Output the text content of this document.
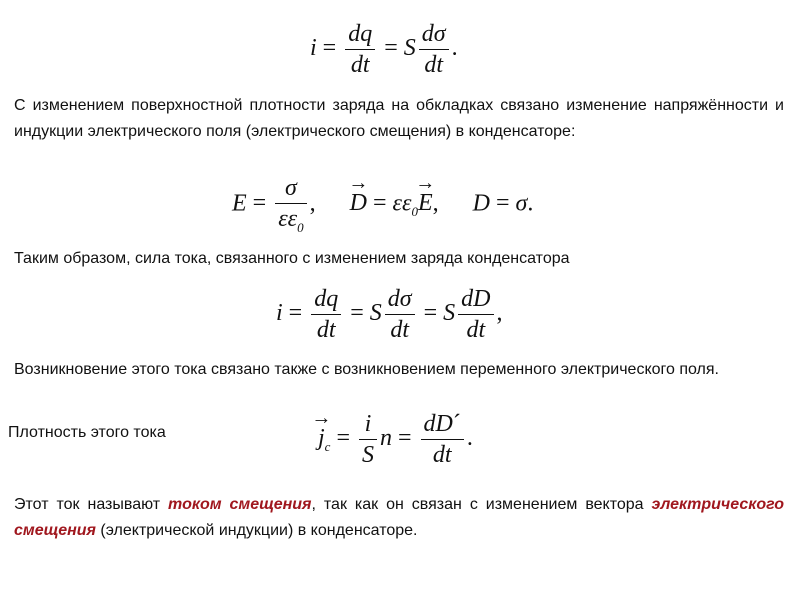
$i = \frac{dq}{dt} = S \frac{d\sigma}{dt}$ .

С изменением поверхностной плотности заряда на обкладках связано изменение напряжённости и индукции электрического поля (электрического смещения) в конденсаторе:

$E = \frac{\sigma}{\varepsilon\varepsilon_0}$ , → $D = \varepsilon\varepsilon_0\to E$, D = σ.

Таким образом, сила тока, связанного с изменением заряда конденсатора

$i = \frac{dq}{dt} = S \frac{d\sigma}{dt} = S \frac{dD}{dt}$ ,

Возникновение этого тока связано также с возникновением переменного электрического поля.

Плотность этого тока	→ $j_c = \frac{i}{S}$ $n = \frac{dD´}{dt}$ .

Этот ток называют током смещения, так как он связан с изменением вектора электрического смещения (электрической индукции) в конденсаторе.
